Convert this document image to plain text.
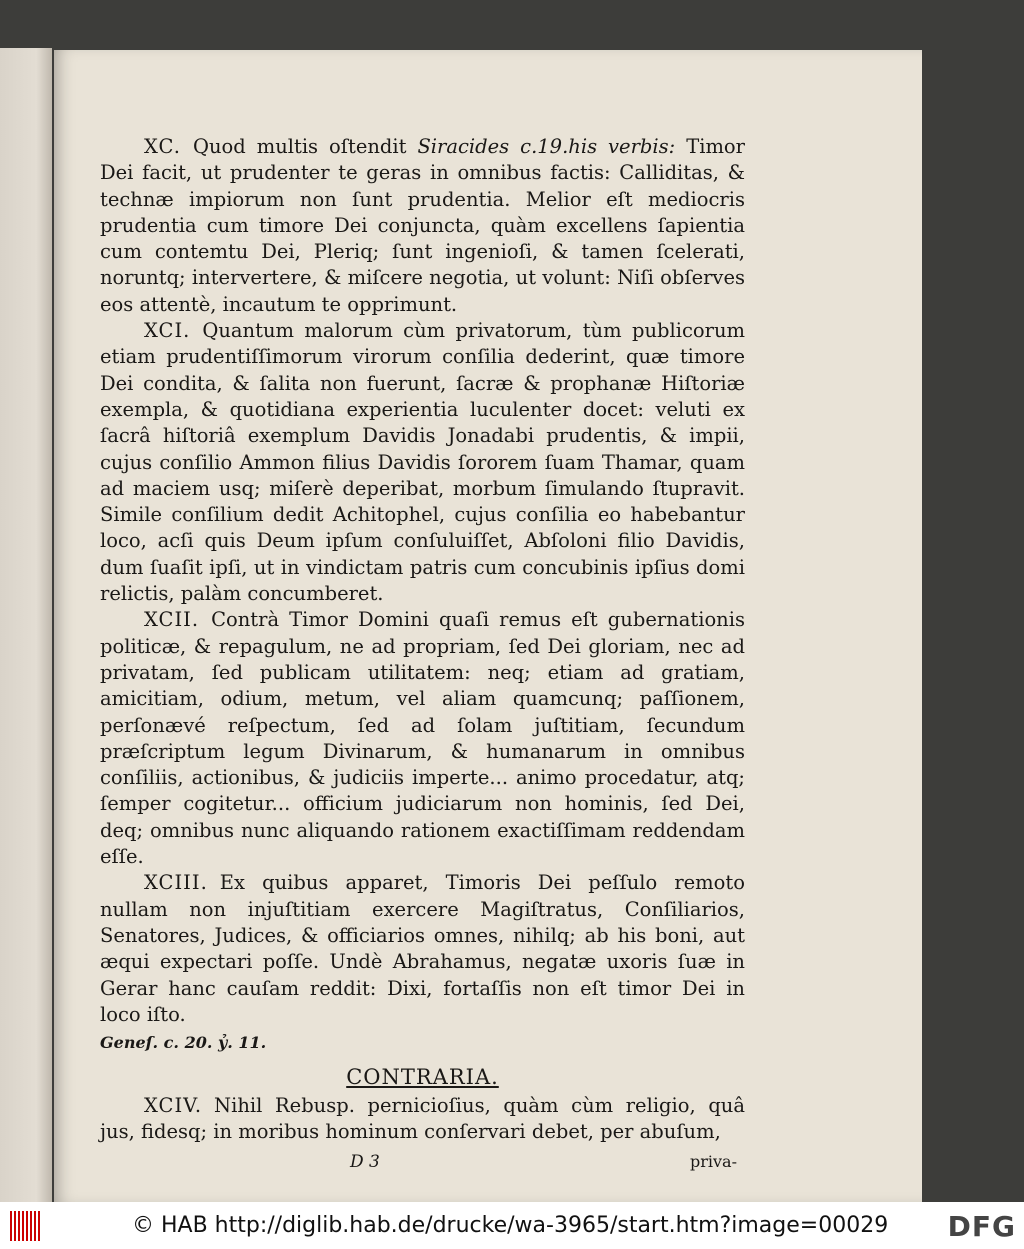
XC. Quod multis oſtendit Siracides c.19.his verbis: Timor Dei facit, ut prudenter te geras in omnibus factis: Calliditas, & technæ impiorum non ſunt prudentia. Melior eſt mediocris prudentia cum timore Dei conjuncta, quàm excellens ſapientia cum contemtu Dei, Pleriq; ſunt ingenioſi, & tamen ſcelerati, noruntq; intervertere, & miſcere negotia, ut volunt: Niſi obſerves eos attentè, incautum te opprimunt.

XCI. Quantum malorum cùm privatorum, tùm publicorum etiam prudentiſſimorum virorum conſilia dederint, quæ timore Dei condita, & ſalita non fuerunt, ſacræ & prophanæ Hiſtoriæ exempla, & quotidiana experientia luculenter docet: veluti ex ſacrâ hiſtoriâ exemplum Davidis Jonadabi prudentis, & impii, cujus conſilio Ammon filius Davidis ſororem ſuam Thamar, quam ad maciem usq; miſerè deperibat, morbum ſimulando ſtupravit. Simile conſilium dedit Achitophel, cujus conſilia eo habebantur loco, acſi quis Deum ipſum conſuluiſſet, Abſoloni filio Davidis, dum ſuaſit ipſi, ut in vindictam patris cum concubinis ipſius domi relictis, palàm concumberet.

XCII. Contrà Timor Domini quaſi remus eſt gubernationis politicæ, & repagulum, ne ad propriam, ſed Dei gloriam, nec ad privatam, ſed publicam utilitatem: neq; etiam ad gratiam, amicitiam, odium, metum, vel aliam quamcunq; paſſionem, perſonævé reſpectum, ſed ad ſolam juſtitiam, ſecundum præſcriptum legum Divinarum, & humanarum in omnibus conſiliis, actionibus, & judiciis imperte... animo procedatur, atq; ſemper cogitetur... officium judiciarum non hominis, ſed Dei, deq; omnibus nunc aliquando rationem exactiſſimam reddendam eſſe.

XCIII. Ex quibus apparet, Timoris Dei peſſulo remoto nullam non injuſtitiam exercere Magiſtratus, Conſiliarios, Senatores, Judices, & officiarios omnes, nihilq; ab his boni, aut æqui expectari poſſe. Undè Abrahamus, negatæ uxoris ſuæ in Gerar hanc cauſam reddit: Dixi, fortaſſis non eſt timor Dei in loco iſto.

Geneſ. c. 20. ỷ. 11.

CONTRARIA.

XCIV. Nihil Rebusp. pernicioſius, quàm cùm religio, quâ jus, fidesq; in moribus hominum conſervari debet, per abuſum,

D 3	priva-
© HAB http://diglib.hab.de/drucke/wa-3965/start.htm?image=00029 DFG
